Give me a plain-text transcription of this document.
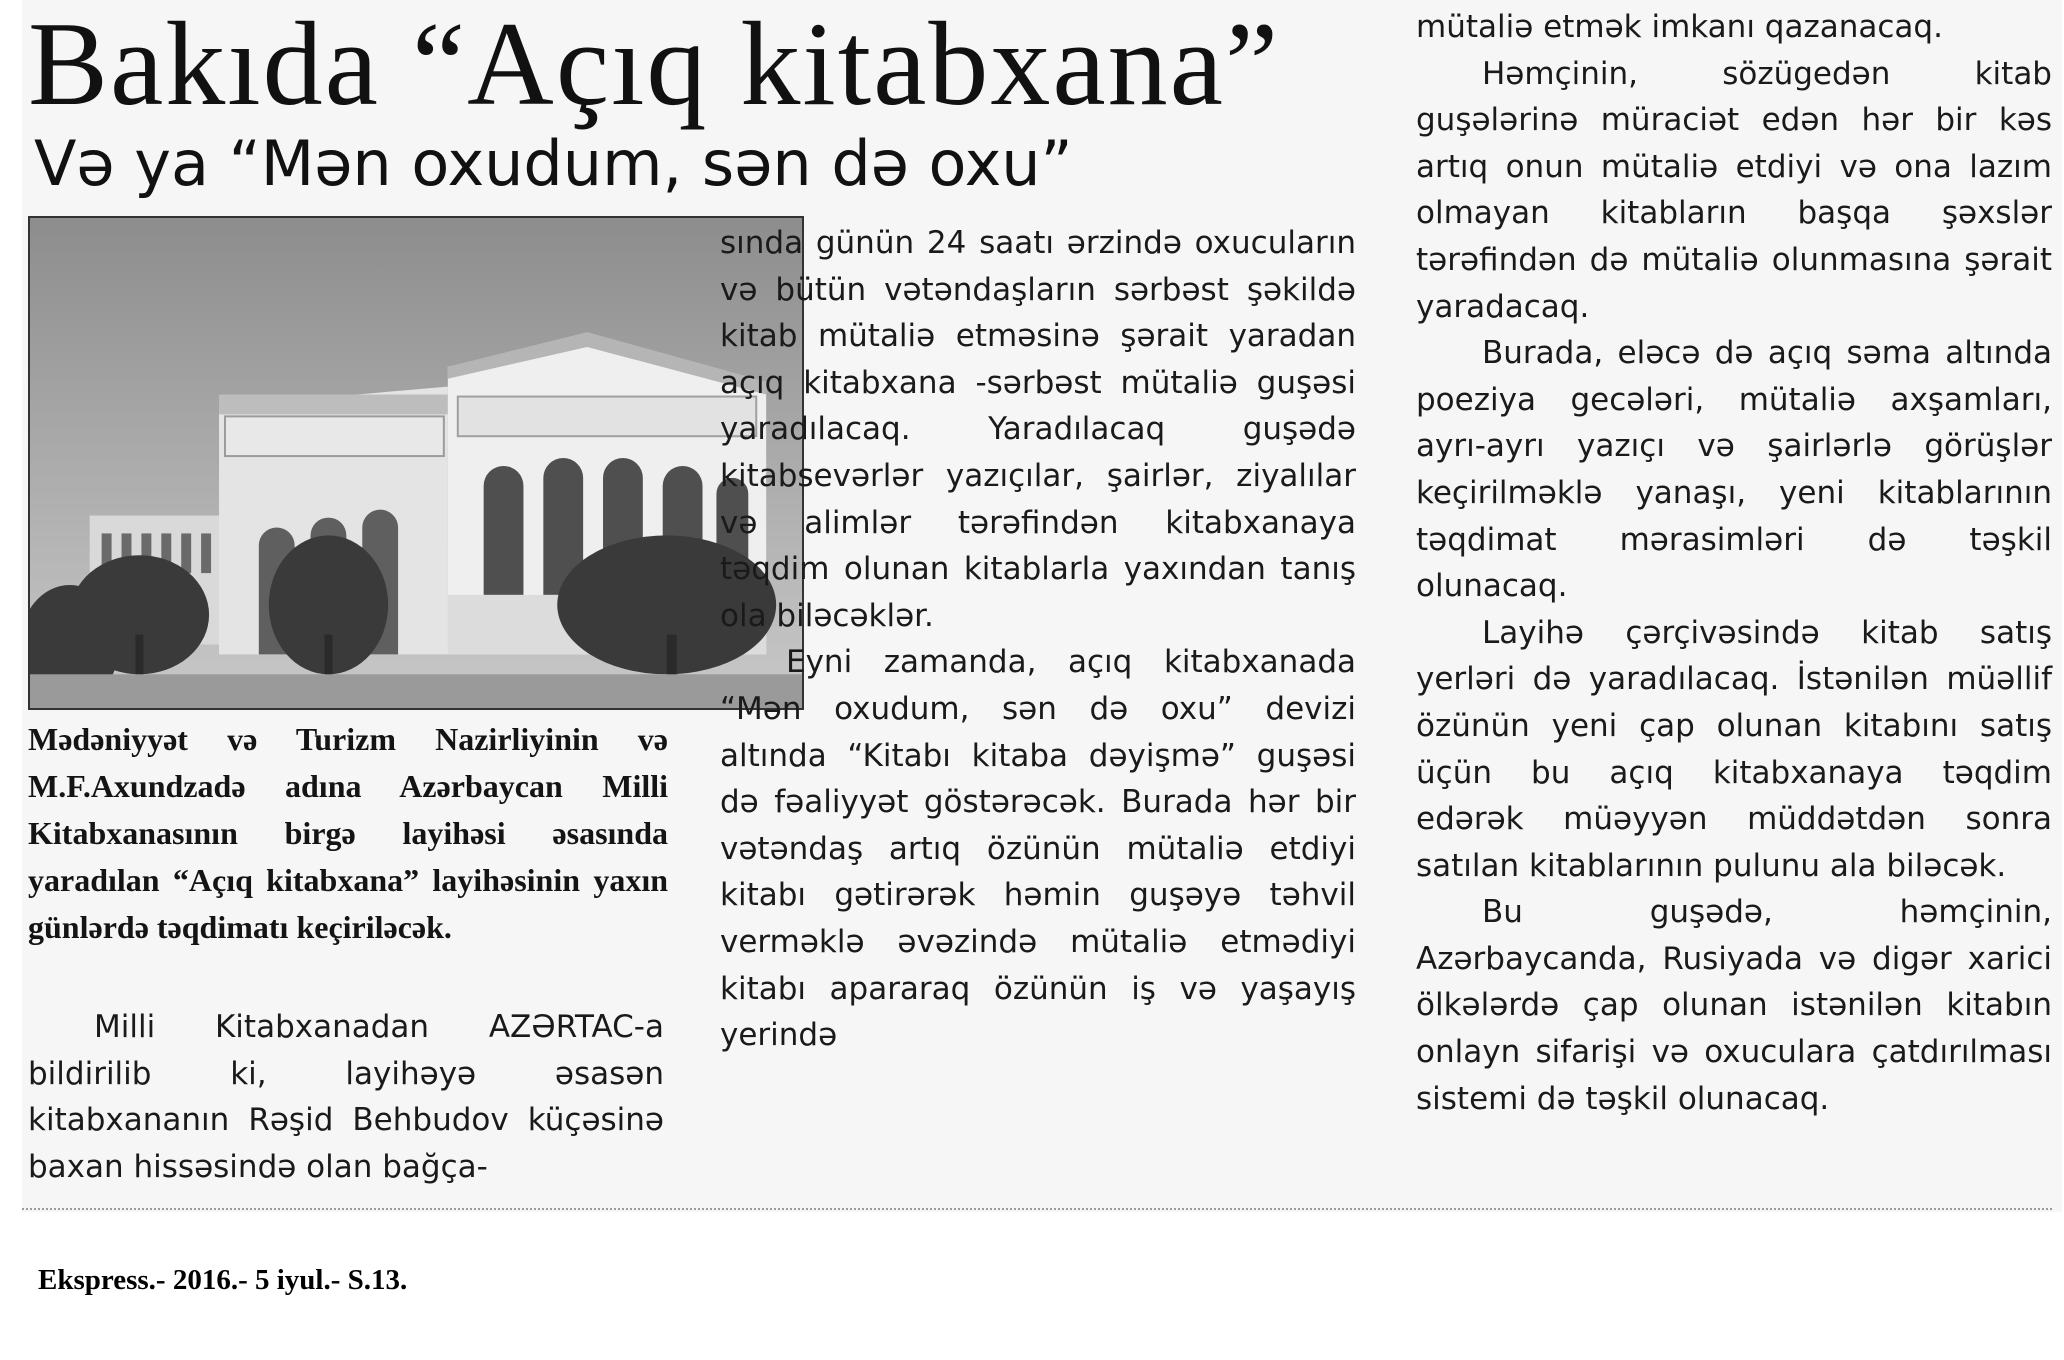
Bakıda “Açıq kitabxana”
Və ya “Mən oxudum, sən də oxu”

Mədəniyyət və Turizm Nazirliyinin və M.F.Axundzadə adına Azərbaycan Milli Kitabxanasının birgə layihəsi əsasında yaradılan “Açıq kitabxana” layihəsinin yaxın günlərdə təqdimatı keçiriləcək.

Milli Kitabxanadan AZƏRTAC-a bildirilib ki, layihəyə əsasən kitabxananın Rəşid Behbudov küçəsinə baxan hissəsində olan bağça-

sında günün 24 saatı ərzində oxucuların və bütün vətəndaşların sərbəst şəkildə kitab mütaliə etməsinə şərait yaradan açıq kitabxana -sərbəst mütaliə guşəsi yaradılacaq. Yaradılacaq guşədə kitabsevərlər yazıçılar, şairlər, ziyalılar və alimlər tərəfindən kitabxanaya təqdim olunan kitablarla yaxından tanış ola biləcəklər.

Eyni zamanda, açıq kitabxanada “Mən oxudum, sən də oxu” devizi altında “Kitabı kitaba dəyişmə” guşəsi də fəaliyyət göstərəcək. Burada hər bir vətəndaş artıq özünün mütaliə etdiyi kitabı gətirərək həmin guşəyə təhvil verməklə əvəzində mütaliə etmədiyi kitabı apararaq özünün iş və yaşayış yerində

mütaliə etmək imkanı qazanacaq.

Həmçinin, sözügedən kitab guşələrinə müraciət edən hər bir kəs artıq onun mütaliə etdiyi və ona lazım olmayan kitabların başqa şəxslər tərəfindən də mütaliə olunmasına şərait yaradacaq.

Burada, eləcə də açıq səma altında poeziya gecələri, mütaliə axşamları, ayrı-ayrı yazıçı və şairlərlə görüşlər keçirilməklə yanaşı, yeni kitablarının təqdimat mərasimləri də təşkil olunacaq.

Layihə çərçivəsində kitab satış yerləri də yaradılacaq. İstənilən müəllif özünün yeni çap olunan kitabını satış üçün bu açıq kitabxanaya təqdim edərək müəyyən müddətdən sonra satılan kitablarının pulunu ala biləcək.

Bu guşədə, həmçinin, Azərbaycanda, Rusiyada və digər xarici ölkələrdə çap olunan istənilən kitabın onlayn sifarişi və oxuculara çatdırılması sistemi də təşkil olunacaq.

Ekspress.- 2016.- 5 iyul.- S.13.
